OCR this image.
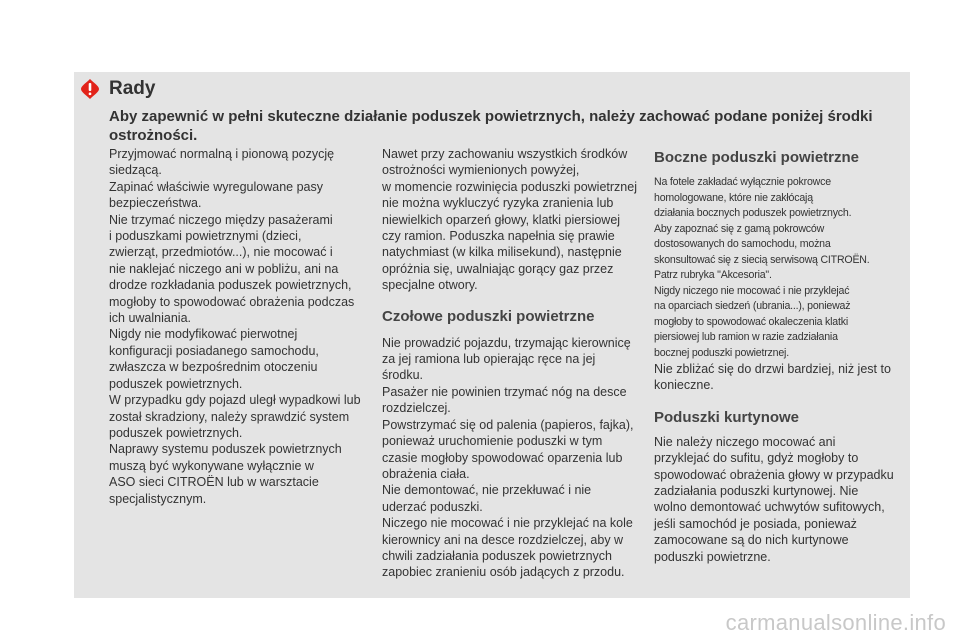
Rady
Aby zapewnić w pełni skuteczne działanie poduszek powietrznych, należy zachować podane poniżej środki ostrożności.

Przyjmować normalną i pionową pozycję
siedzącą.
Zapinać właściwie wyregulowane pasy
bezpieczeństwa.
Nie trzymać niczego między pasażerami
i poduszkami powietrznymi (dzieci,
zwierząt, przedmiotów...), nie mocować i
nie naklejać niczego ani w pobliżu, ani na
drodze rozkładania poduszek powietrznych,
mogłoby to spowodować obrażenia podczas
ich uwalniania.
Nigdy nie modyfikować pierwotnej
konfiguracji posiadanego samochodu,
zwłaszcza w bezpośrednim otoczeniu
poduszek powietrznych.
W przypadku gdy pojazd uległ wypadkowi lub
został skradziony, należy sprawdzić system
poduszek powietrznych.
Naprawy systemu poduszek powietrznych
muszą być wykonywane wyłącznie w
ASO sieci CITROËN lub w warsztacie
specjalistycznym.

Nawet przy zachowaniu wszystkich środków
ostrożności wymienionych powyżej,
w momencie rozwinięcia poduszki powietrznej
nie można wykluczyć ryzyka zranienia lub
niewielkich oparzeń głowy, klatki piersiowej
czy ramion. Poduszka napełnia się prawie
natychmiast (w kilka milisekund), następnie
opróżnia się, uwalniając gorący gaz przez
specjalne otwory.

Czołowe poduszki powietrzne

Nie prowadzić pojazdu, trzymając kierownicę
za jej ramiona lub opierając ręce na jej
środku.
Pasażer nie powinien trzymać nóg na desce
rozdzielczej.
Powstrzymać się od palenia (papieros, fajka),
ponieważ uruchomienie poduszki w tym
czasie mogłoby spowodować oparzenia lub
obrażenia ciała.
Nie demontować, nie przekłuwać i nie
uderzać poduszki.
Niczego nie mocować i nie przyklejać na kole
kierownicy ani na desce rozdzielczej, aby w
chwili zadziałania poduszek powietrznych
zapobiec zranieniu osób jadących z przodu.

Boczne poduszki powietrzne

Na fotele zakładać wyłącznie pokrowce
homologowane, które nie zakłócają
działania bocznych poduszek powietrznych.
Aby zapoznać się z gamą pokrowców
dostosowanych do samochodu, można
skonsultować się z siecią serwisową CITROËN.
Patrz rubryka "Akcesoria".
Nigdy niczego nie mocować i nie przyklejać
na oparciach siedzeń (ubrania...), ponieważ
mogłoby to spowodować okaleczenia klatki
piersiowej lub ramion w razie zadziałania
bocznej poduszki powietrznej.

Nie zbliżać się do drzwi bardziej, niż jest to
konieczne.

Poduszki kurtynowe

Nie należy niczego mocować ani
przyklejać do sufitu, gdyż mogłoby to
spowodować obrażenia głowy w przypadku
zadziałania poduszki kurtynowej. Nie
wolno demontować uchwytów sufitowych,
jeśli samochód je posiada, ponieważ
zamocowane są do nich kurtynowe
poduszki powietrzne.

carmanualsonline.info
